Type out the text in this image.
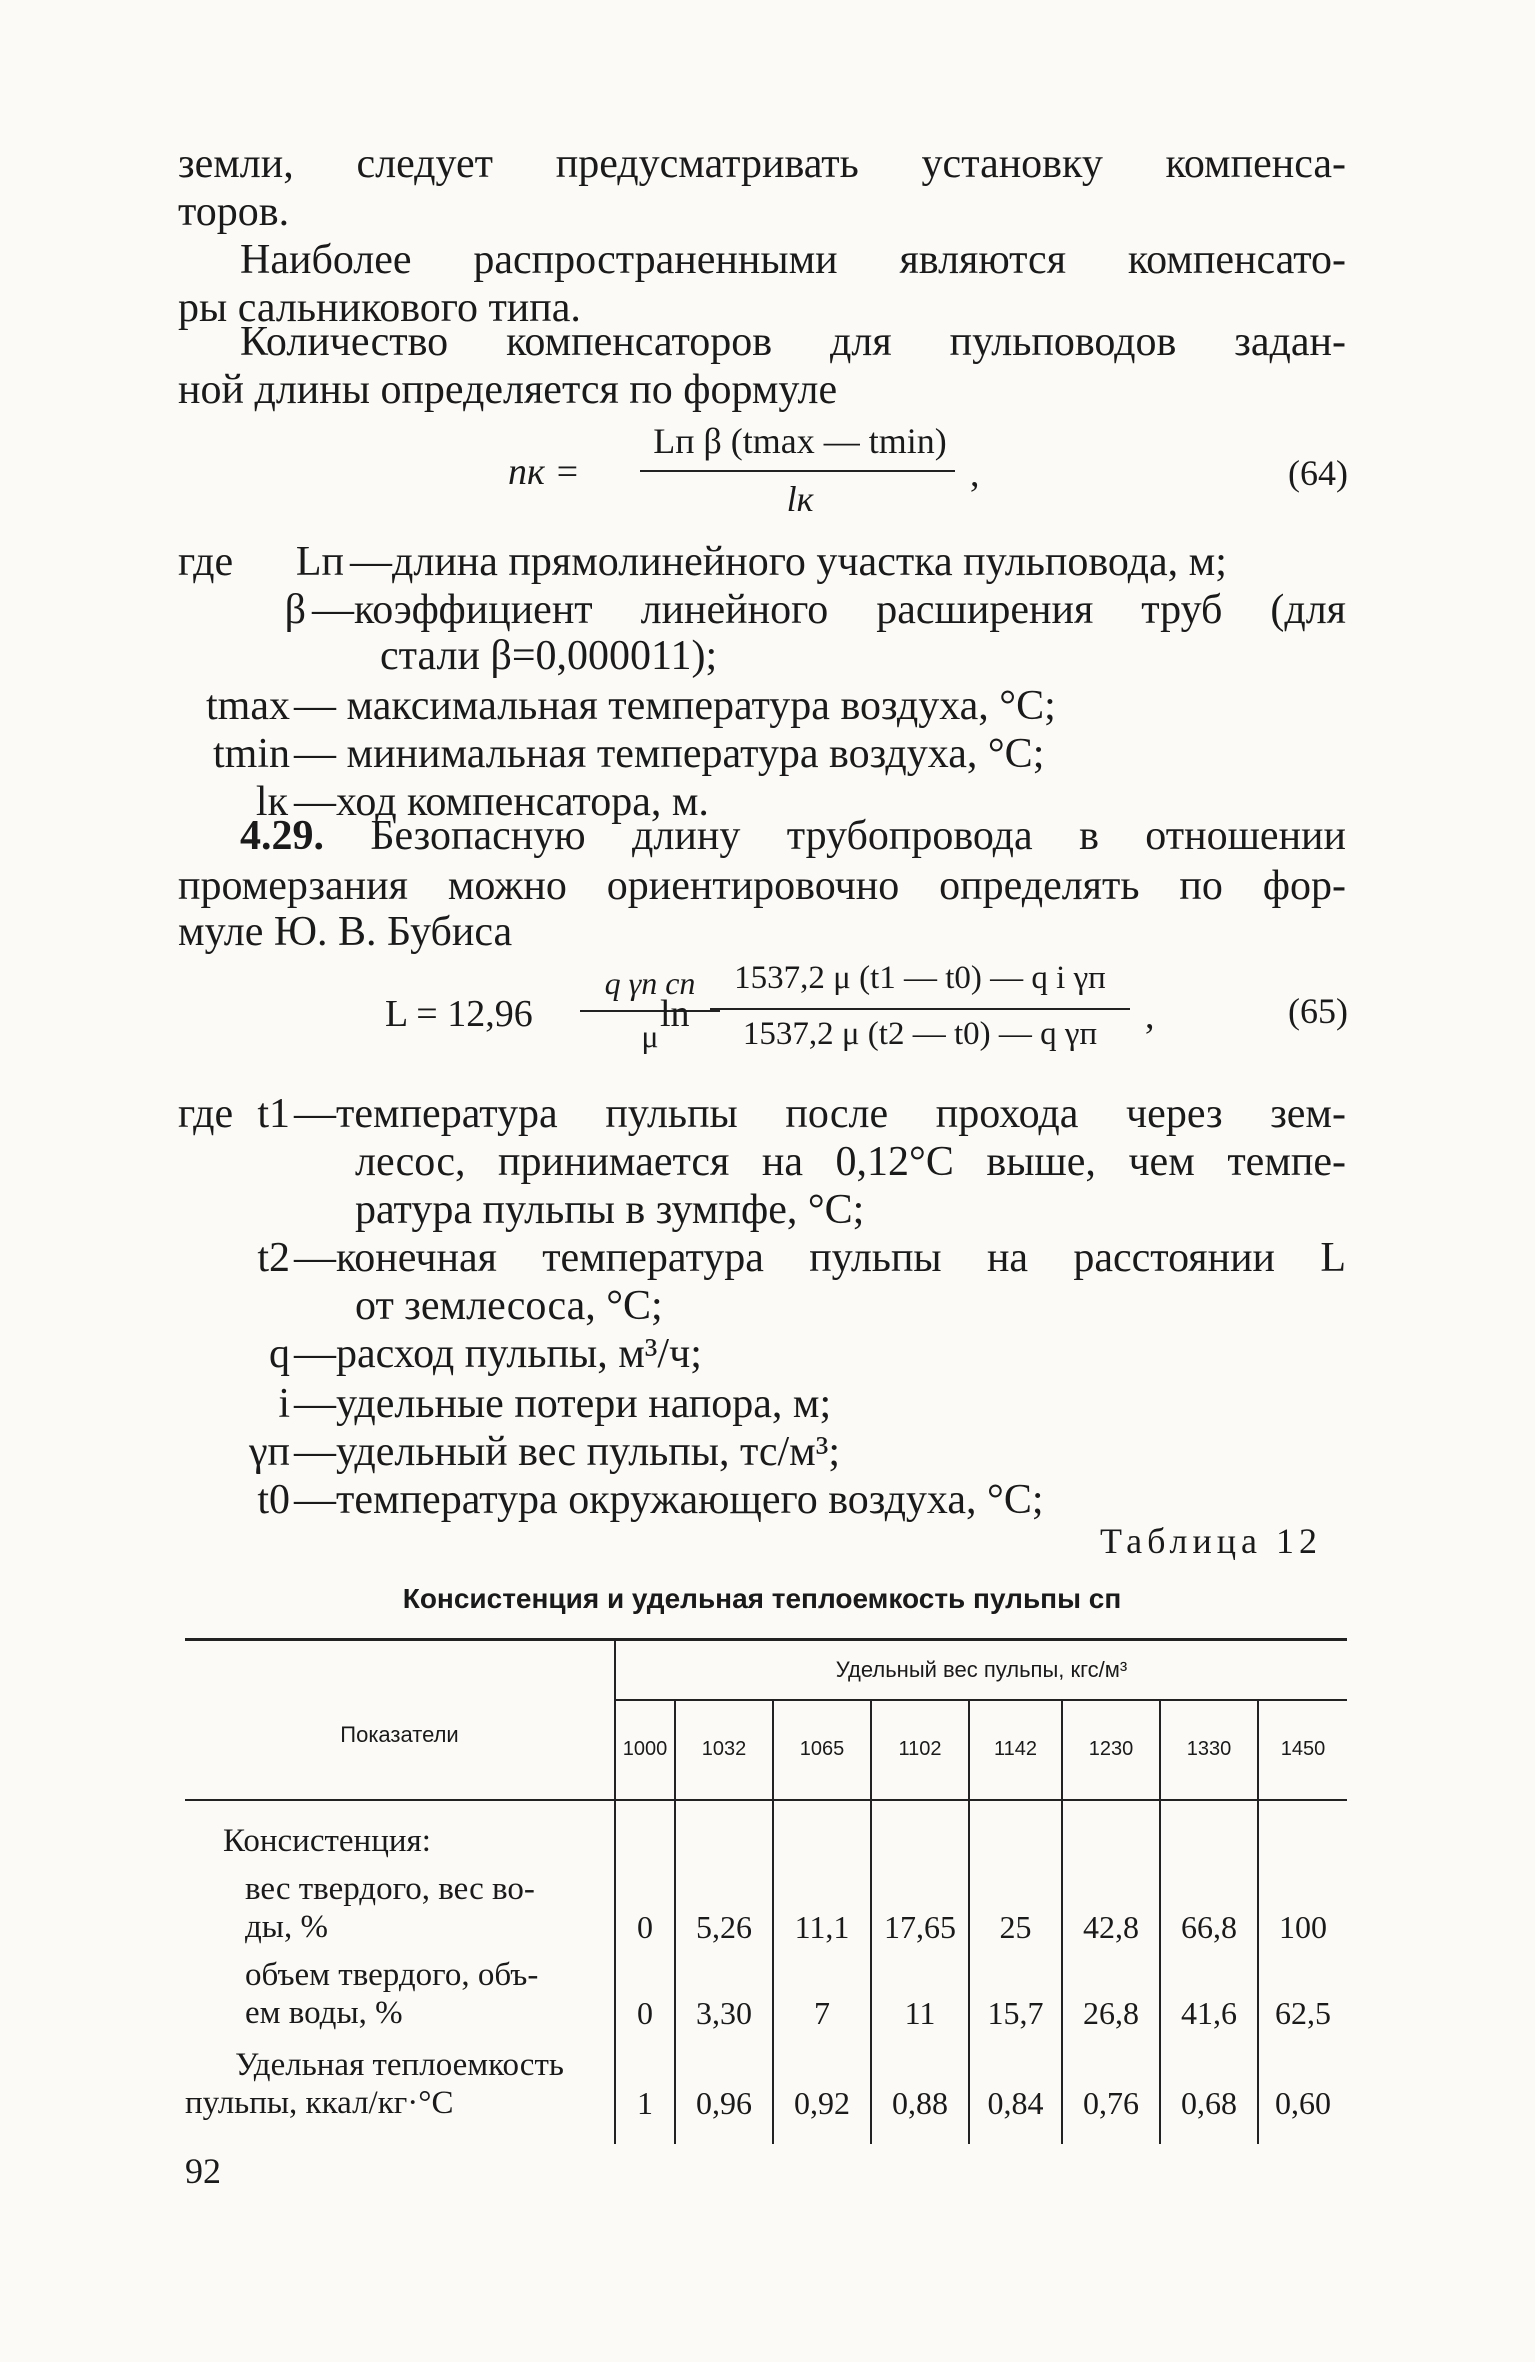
земли, следует предусматривать установку компенса-
торов.
Наиболее распространенными являются компенсато-
ры сальникового типа.
Количество компенсаторов для пульповодов задан-
ной длины определяется по формуле
nк =
Lп β (tmax — tmin)
lк
,	(64)
где	Lп —длина прямолинейного участка пульповода, м;
β —коэффициент линейного расширения труб (для
стали β=0,000011);
tmax — максимальная температура воздуха, °C;
tmin — минимальная температура воздуха, °C;
lк —ход компенсатора, м.
4.29. Безопасную длину трубопровода в отношении
промерзания можно ориентировочно определять по фор-
муле Ю. В. Бубиса
L = 12,96
q γп cп
μ
ln
1537,2 μ (t1 — t0) — q i γп
1537,2 μ (t2 — t0) — q γп	,	(65)
где t1 —температура пульпы после прохода через зем-
лесос, принимается на 0,12°C выше, чем темпе-
ратура пульпы в зумпфе, °C;
t2 —конечная температура пульпы на расстоянии L
от землесоса, °C;
q —расход пульпы, м³/ч;
i —удельные потери напора, м;
γп —удельный вес пульпы, тс/м³;
t0 —температура окружающего воздуха, °C;
Таблица 12
Консистенция и удельная теплоемкость пульпы cп
Показатели	Удельный вес пульпы, кгс/м³							
	1000	1032	1065	1102	1142	1230	1330	1450
Консистенция:								

вес твердого, вес во-
ды, %	0	5,26	11,1	17,65	25	42,8	66,8	100

объем твердого, объ-
ем воды, %	0	3,30	7	11	15,7	26,8	41,6	62,5

Удельная теплоемкость
пульпы, ккал/кг·°C	1	0,96	0,92	0,88	0,84	0,76	0,68	0,60

92
